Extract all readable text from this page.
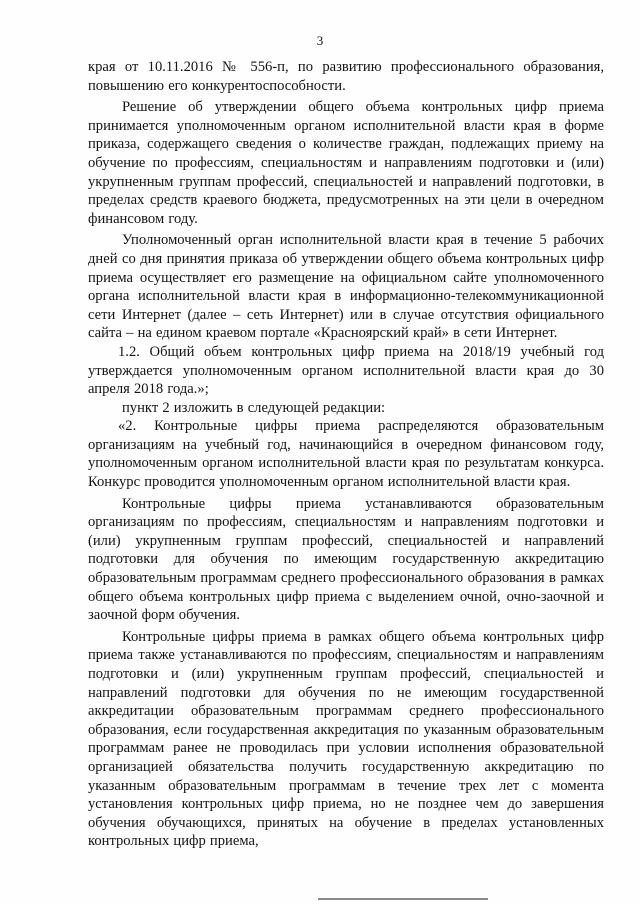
3

края от 10.11.2016 № 556-п, по развитию профессионального образования, повышению его конкурентоспособности.

Решение об утверждении общего объема контрольных цифр приема принимается уполномоченным органом исполнительной власти края в форме приказа, содержащего сведения о количестве граждан, подлежащих приему на обучение по профессиям, специальностям и направлениям подготовки и (или) укрупненным группам профессий, специальностей и направлений подготовки, в пределах средств краевого бюджета, предусмотренных на эти цели в очередном финансовом году.

Уполномоченный орган исполнительной власти края в течение 5 рабочих дней со дня принятия приказа об утверждении общего объема контрольных цифр приема осуществляет его размещение на официальном сайте уполномоченного органа исполнительной власти края в информационно-телекоммуникационной сети Интернет (далее – сеть Интернет) или в случае отсутствия официального сайта – на едином краевом портале «Красноярский край» в сети Интернет.

1.2. Общий объем контрольных цифр приема на 2018/19 учебный год утверждается уполномоченным органом исполнительной власти края до 30 апреля 2018 года.»;

пункт 2 изложить в следующей редакции:

«2. Контрольные цифры приема распределяются образовательным организациям на учебный год, начинающийся в очередном финансовом году, уполномоченным органом исполнительной власти края по результатам конкурса. Конкурс проводится уполномоченным органом исполнительной власти края.

Контрольные цифры приема устанавливаются образовательным организациям по профессиям, специальностям и направлениям подготовки и (или) укрупненным группам профессий, специальностей и направлений подготовки для обучения по имеющим государственную аккредитацию образовательным программам среднего профессионального образования в рамках общего объема контрольных цифр приема с выделением очной, очно-заочной и заочной форм обучения.

Контрольные цифры приема в рамках общего объема контрольных цифр приема также устанавливаются по профессиям, специальностям и направлениям подготовки и (или) укрупненным группам профессий, специальностей и направлений подготовки для обучения по не имеющим государственной аккредитации образовательным программам среднего профессионального образования, если государственная аккредитация по указанным образовательным программам ранее не проводилась при условии исполнения образовательной организацией обязательства получить государственную аккредитацию по указанным образовательным программам в течение трех лет с момента установления контрольных цифр приема, но не позднее чем до завершения обучения обучающихся, принятых на обучение в пределах установленных контрольных цифр приема,
